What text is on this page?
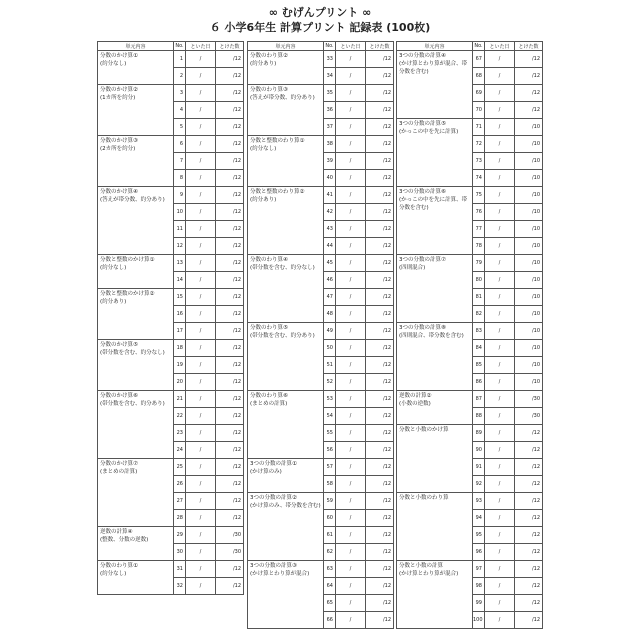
∞ むげんプリント ∞
６ 小学6年生 計算プリント 記録表 (100枚)
単元内容	No.	といた日	とけた数
分数のかけ算①
(約分なし)	1	/	/12
	2	/	/12
分数のかけ算②
(1カ所を約分)	3	/	/12
	4	/	/12
	5	/	/12
分数のかけ算③
(2カ所を約分)	6	/	/12
	7	/	/12
	8	/	/12
分数のかけ算④
(答えが帯分数、約分あり)	9	/	/12
	10	/	/12
	11	/	/12
	12	/	/12
分数と整数のかけ算①
(約分なし)	13	/	/12
	14	/	/12
分数と整数のかけ算②
(約分あり)	15	/	/12
	16	/	/12
	17	/	/12
分数のかけ算⑤
(帯分数を含む、約分なし)	18	/	/12
	19	/	/12
	20	/	/12
分数のかけ算⑥
(帯分数を含む、約分あり)	21	/	/12
	22	/	/12
	23	/	/12
	24	/	/12
分数のかけ算⑦
(まとめの計算)	25	/	/12
	26	/	/12
	27	/	/12
	28	/	/12
逆数の計算④
(整数、分数の逆数)	29	/	/30
	30	/	/30
分数のわり算①
(約分なし)	31	/	/12
	32	/	/12
単元内容	No.	といた日	とけた数
分数のわり算②
(約分あり)	33	/	/12
	34	/	/12
分数のわり算③
(答えが帯分数、約分あり)	35	/	/12
	36	/	/12
	37	/	/12
分数と整数のわり算①
(約分なし)	38	/	/12
	39	/	/12
	40	/	/12
分数と整数のわり算②
(約分あり)	41	/	/12
	42	/	/12
	43	/	/12
	44	/	/12
分数のわり算④
(帯分数を含む、約分なし)	45	/	/12
	46	/	/12
	47	/	/12
	48	/	/12
分数のわり算⑤
(帯分数を含む、約分あり)	49	/	/12
	50	/	/12
	51	/	/12
	52	/	/12
分数のわり算⑥
(まとめの計算)	53	/	/12
	54	/	/12
	55	/	/12
	56	/	/12
3つの分数の計算①
(かけ算のみ)	57	/	/12
	58	/	/12
3つの分数の計算②
(かけ算のみ、帯分数を含む)	59	/	/12
	60	/	/12
	61	/	/12
	62	/	/12
3つの分数の計算③
(かけ算とわり算が混合)	63	/	/12
	64	/	/12
	65	/	/12
	66	/	/12
単元内容	No.	といた日	とけた数
3つの分数の計算④
(かけ算とわり算が混合、帯分数を含む)	67	/	/12
	68	/	/12
	69	/	/12
	70	/	/12
3つの分数の計算⑤
(かっこの中を先に計算)	71	/	/10
	72	/	/10
	73	/	/10
	74	/	/10
3つの分数の計算⑥
(かっこの中を先に計算、帯分数を含む)	75	/	/10
	76	/	/10
	77	/	/10
	78	/	/10
3つの分数の計算⑦
(四則混合)	79	/	/10
	80	/	/10
	81	/	/10
	82	/	/10
3つの分数の計算⑧
(四則混合、帯分数を含む)	83	/	/10
	84	/	/10
	85	/	/10
	86	/	/10
逆数の計算②
(小数の逆数)	87	/	/30
	88	/	/30
分数と小数のかけ算	89	/	/12
	90	/	/12
	91	/	/12
	92	/	/12
分数と小数のわり算	93	/	/12
	94	/	/12
	95	/	/12
	96	/	/12
分数と小数の計算
(かけ算とわり算が混合)	97	/	/12
	98	/	/12
	99	/	/12
	100	/	/12
